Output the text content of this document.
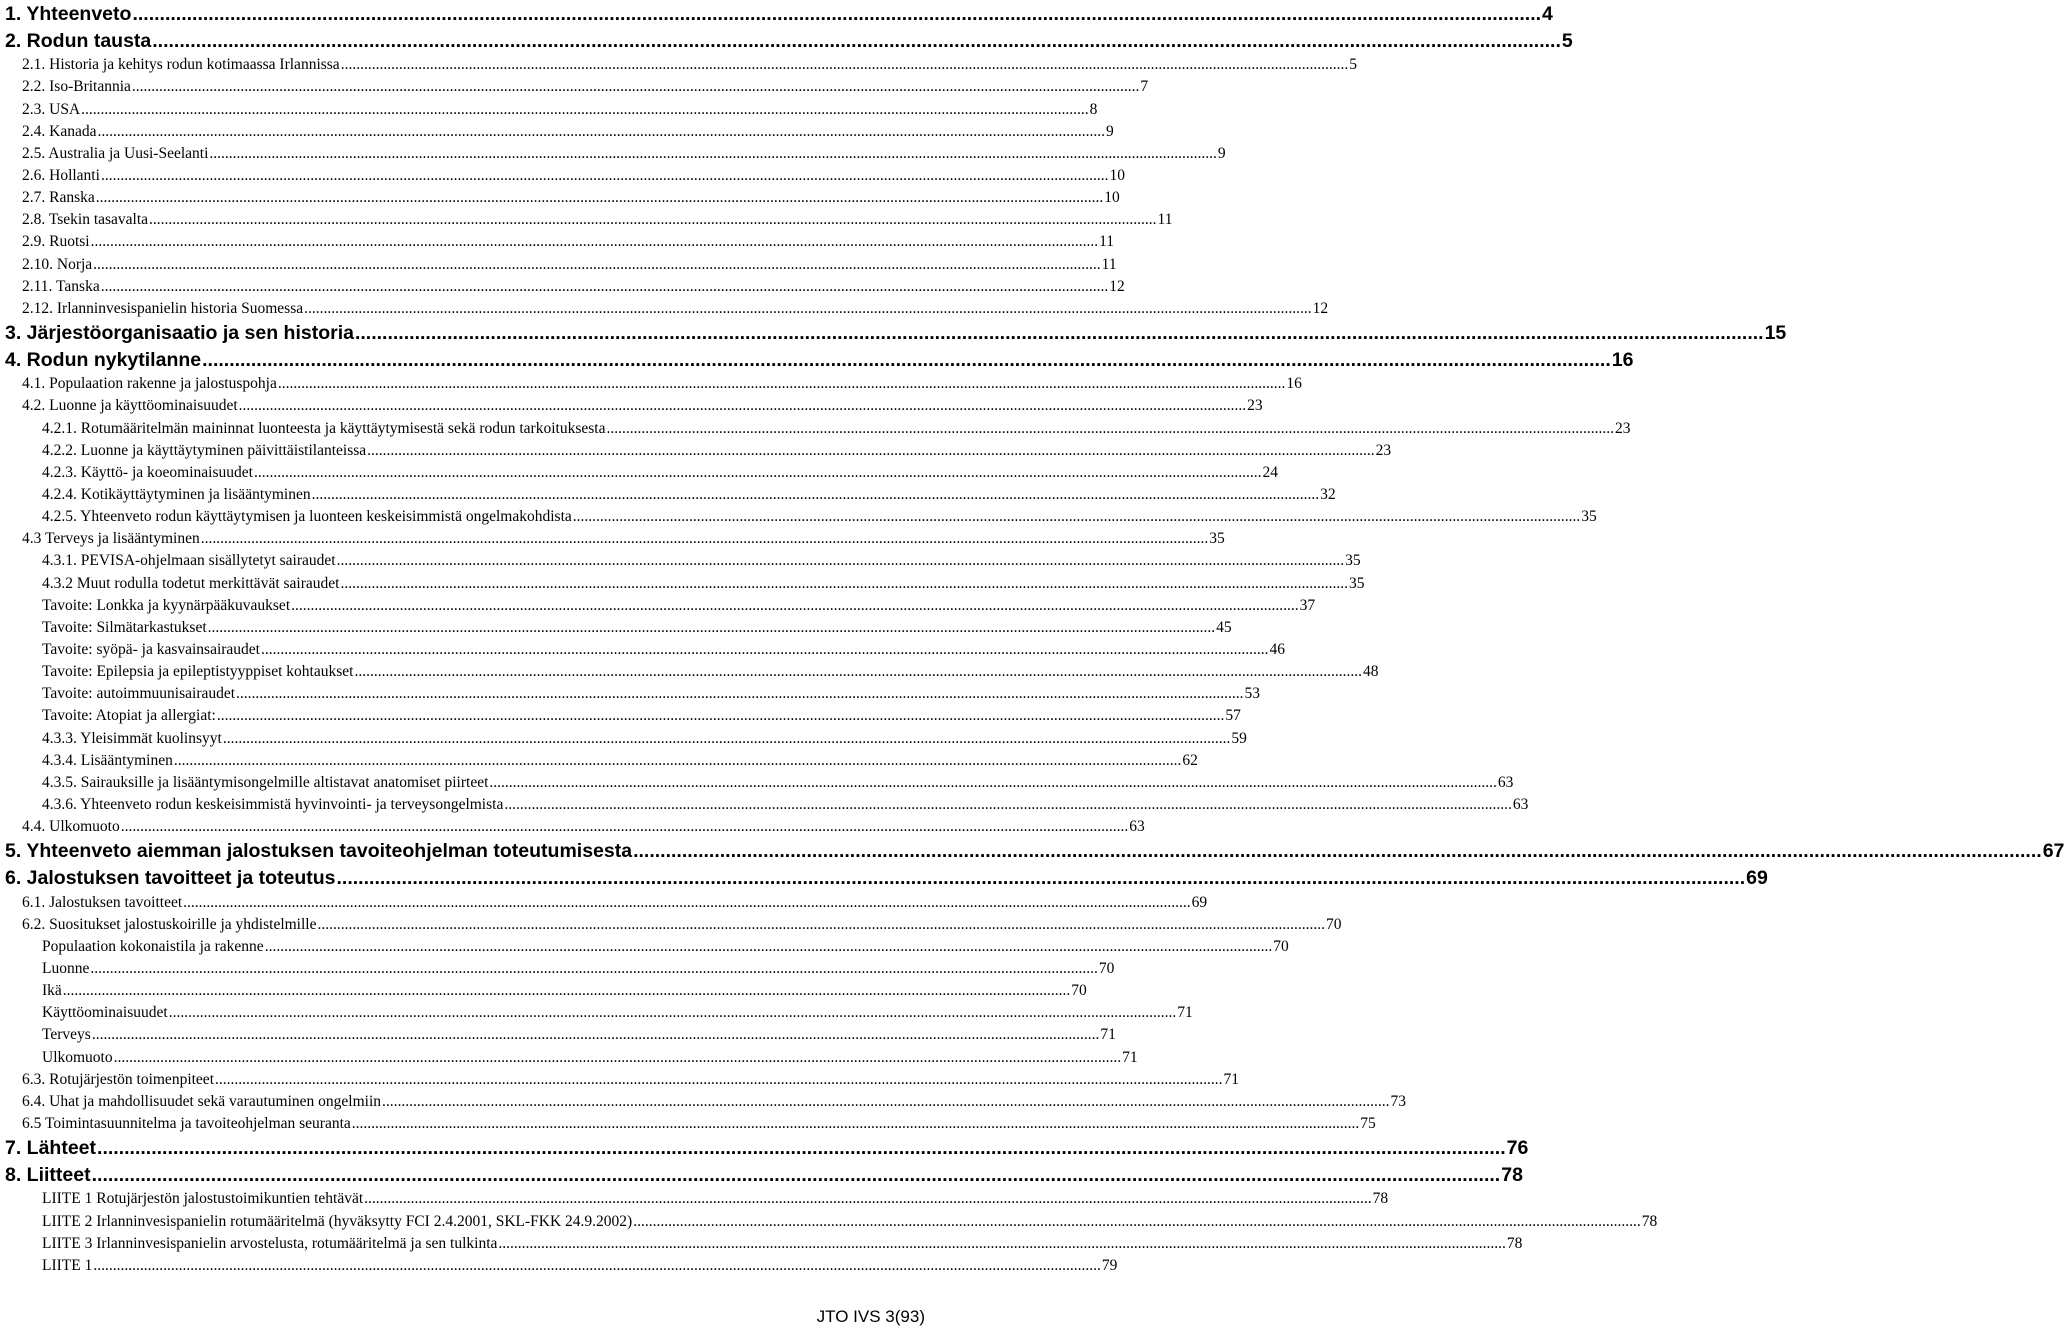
1. Yhteenveto .................................................................................................................................................................................................................................................................... 4
2. Rodun tausta .................................................................................................................................................................................................................................................................... 5
2.1. Historia ja kehitys rodun kotimaassa Irlannissa .................................................................................................................................................................................................................................................................... 5
2.2. Iso-Britannia .................................................................................................................................................................................................................................................................... 7
2.3. USA .................................................................................................................................................................................................................................................................... 8
2.4. Kanada .................................................................................................................................................................................................................................................................... 9
2.5. Australia ja Uusi-Seelanti .................................................................................................................................................................................................................................................................... 9
2.6. Hollanti .................................................................................................................................................................................................................................................................... 10
2.7. Ranska .................................................................................................................................................................................................................................................................... 10
2.8. Tsekin tasavalta .................................................................................................................................................................................................................................................................... 11
2.9. Ruotsi .................................................................................................................................................................................................................................................................... 11
2.10. Norja .................................................................................................................................................................................................................................................................... 11
2.11. Tanska .................................................................................................................................................................................................................................................................... 12
2.12. Irlanninvesispanielin historia Suomessa .................................................................................................................................................................................................................................................................... 12
3. Järjestöorganisaatio ja sen historia .................................................................................................................................................................................................................................................................... 15
4. Rodun nykytilanne .................................................................................................................................................................................................................................................................... 16
4.1. Populaation rakenne ja jalostuspohja .................................................................................................................................................................................................................................................................... 16
4.2. Luonne ja käyttöominaisuudet .................................................................................................................................................................................................................................................................... 23
4.2.1. Rotumääritelmän maininnat luonteesta ja käyttäytymisestä sekä rodun tarkoituksesta .................................................................................................................................................................................................................................................................... 23
4.2.2. Luonne ja käyttäytyminen päivittäistilanteissa .................................................................................................................................................................................................................................................................... 23
4.2.3. Käyttö- ja koeominaisuudet .................................................................................................................................................................................................................................................................... 24
4.2.4. Kotikäyttäytyminen ja lisääntyminen .................................................................................................................................................................................................................................................................... 32
4.2.5. Yhteenveto rodun käyttäytymisen ja luonteen keskeisimmistä ongelmakohdista .................................................................................................................................................................................................................................................................... 35
4.3 Terveys ja lisääntyminen .................................................................................................................................................................................................................................................................... 35
4.3.1. PEVISA-ohjelmaan sisällytetyt sairaudet .................................................................................................................................................................................................................................................................... 35
4.3.2 Muut rodulla todetut merkittävät sairaudet .................................................................................................................................................................................................................................................................... 35
Tavoite: Lonkka ja kyynärpääkuvaukset .................................................................................................................................................................................................................................................................... 37
Tavoite: Silmätarkastukset .................................................................................................................................................................................................................................................................... 45
Tavoite: syöpä- ja kasvainsairaudet .................................................................................................................................................................................................................................................................... 46
Tavoite: Epilepsia ja epileptistyyppiset kohtaukset .................................................................................................................................................................................................................................................................... 48
Tavoite: autoimmuunisairaudet .................................................................................................................................................................................................................................................................... 53
Tavoite: Atopiat ja allergiat: .................................................................................................................................................................................................................................................................... 57
4.3.3. Yleisimmät kuolinsyyt .................................................................................................................................................................................................................................................................... 59
4.3.4. Lisääntyminen .................................................................................................................................................................................................................................................................... 62
4.3.5. Sairauksille ja lisääntymisongelmille altistavat anatomiset piirteet .................................................................................................................................................................................................................................................................... 63
4.3.6. Yhteenveto rodun keskeisimmistä hyvinvointi- ja terveysongelmista .................................................................................................................................................................................................................................................................... 63
4.4. Ulkomuoto .................................................................................................................................................................................................................................................................... 63
5. Yhteenveto aiemman jalostuksen tavoiteohjelman toteutumisesta .................................................................................................................................................................................................................................................................... 67
6. Jalostuksen tavoitteet ja toteutus .................................................................................................................................................................................................................................................................... 69
6.1. Jalostuksen tavoitteet .................................................................................................................................................................................................................................................................... 69
6.2. Suositukset jalostuskoirille ja yhdistelmille .................................................................................................................................................................................................................................................................... 70
Populaation kokonaistila ja rakenne .................................................................................................................................................................................................................................................................... 70
Luonne .................................................................................................................................................................................................................................................................... 70
Ikä .................................................................................................................................................................................................................................................................... 70
Käyttöominaisuudet .................................................................................................................................................................................................................................................................... 71
Terveys .................................................................................................................................................................................................................................................................... 71
Ulkomuoto .................................................................................................................................................................................................................................................................... 71
6.3. Rotujärjestön toimenpiteet .................................................................................................................................................................................................................................................................... 71
6.4. Uhat ja mahdollisuudet sekä varautuminen ongelmiin .................................................................................................................................................................................................................................................................... 73
6.5 Toimintasuunnitelma ja tavoiteohjelman seuranta .................................................................................................................................................................................................................................................................... 75
7. Lähteet .................................................................................................................................................................................................................................................................... 76
8. Liitteet .................................................................................................................................................................................................................................................................... 78
LIITE 1 Rotujärjestön jalostustoimikuntien tehtävät .................................................................................................................................................................................................................................................................... 78
LIITE 2 Irlanninvesispanielin rotumääritelmä (hyväksytty FCI 2.4.2001, SKL-FKK 24.9.2002) .................................................................................................................................................................................................................................................................... 78
LIITE 3 Irlanninvesispanielin arvostelusta, rotumääritelmä ja sen tulkinta .................................................................................................................................................................................................................................................................... 78
LIITE 1 .................................................................................................................................................................................................................................................................... 79
JTO IVS 3(93)
